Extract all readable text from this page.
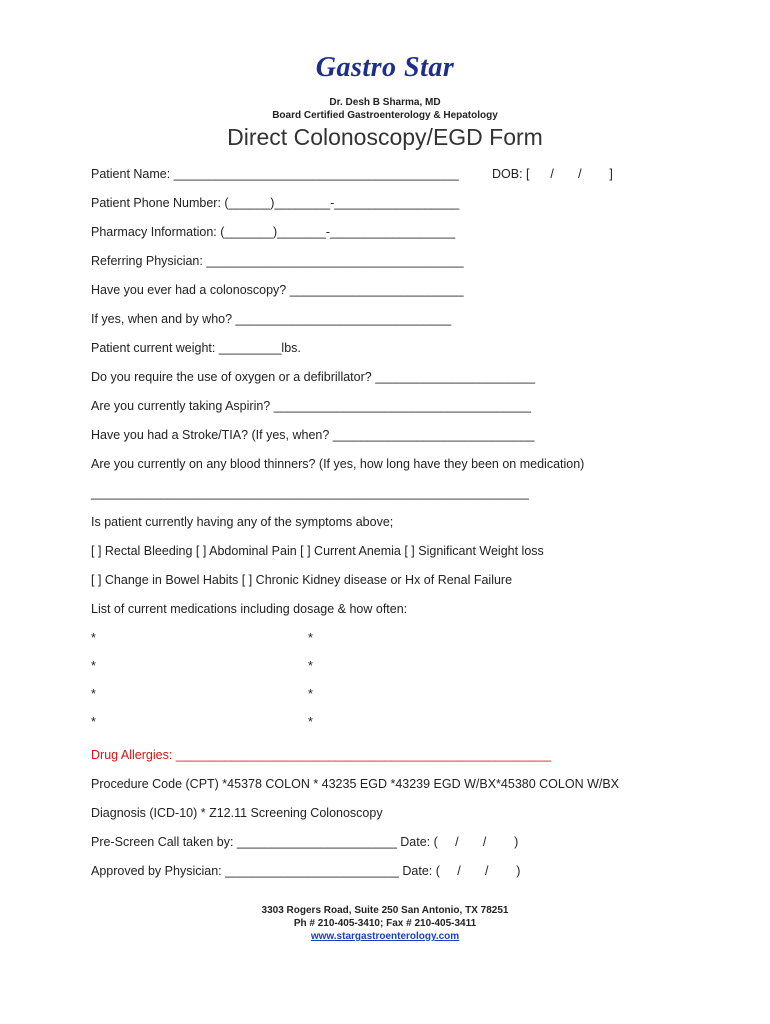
Gastro Star
Dr. Desh B Sharma, MD
Board Certified Gastroenterology & Hepatology
Direct Colonoscopy/EGD Form
Patient Name: _________________________________________	DOB: [      /       /        ]
Patient Phone Number: (______)________-__________________
Pharmacy Information: (_______)_______-__________________
Referring Physician: _____________________________________
Have you ever had a colonoscopy? _________________________
If yes, when and by who? _______________________________
Patient current weight: _________lbs.
Do you require the use of oxygen or a defibrillator? _______________________
Are you currently taking Aspirin? _____________________________________
Have you had a Stroke/TIA? (If yes, when? _____________________________
Are you currently on any blood thinners? (If yes, how long have they been on medication)
_______________________________________________________________
Is patient currently having any of the symptoms above;
[ ] Rectal Bleeding [ ] Abdominal Pain [ ] Current Anemia [ ] Significant Weight loss
[ ] Change in Bowel Habits [ ] Chronic Kidney disease or Hx of Renal Failure
List of current medications including dosage & how often:
*	*
*	*
*	*
*	*
Drug Allergies: ______________________________________________________
Procedure Code (CPT) *45378 COLON * 43235 EGD *43239 EGD W/BX*45380 COLON W/BX
Diagnosis (ICD-10) * Z12.11 Screening Colonoscopy
Pre-Screen Call taken by: _______________________ Date: (     /       /        )
Approved by Physician: _________________________ Date: (     /       /        )
3303 Rogers Road, Suite 250 San Antonio, TX 78251
Ph # 210-405-3410; Fax # 210-405-3411
www.stargastroenterology.com
